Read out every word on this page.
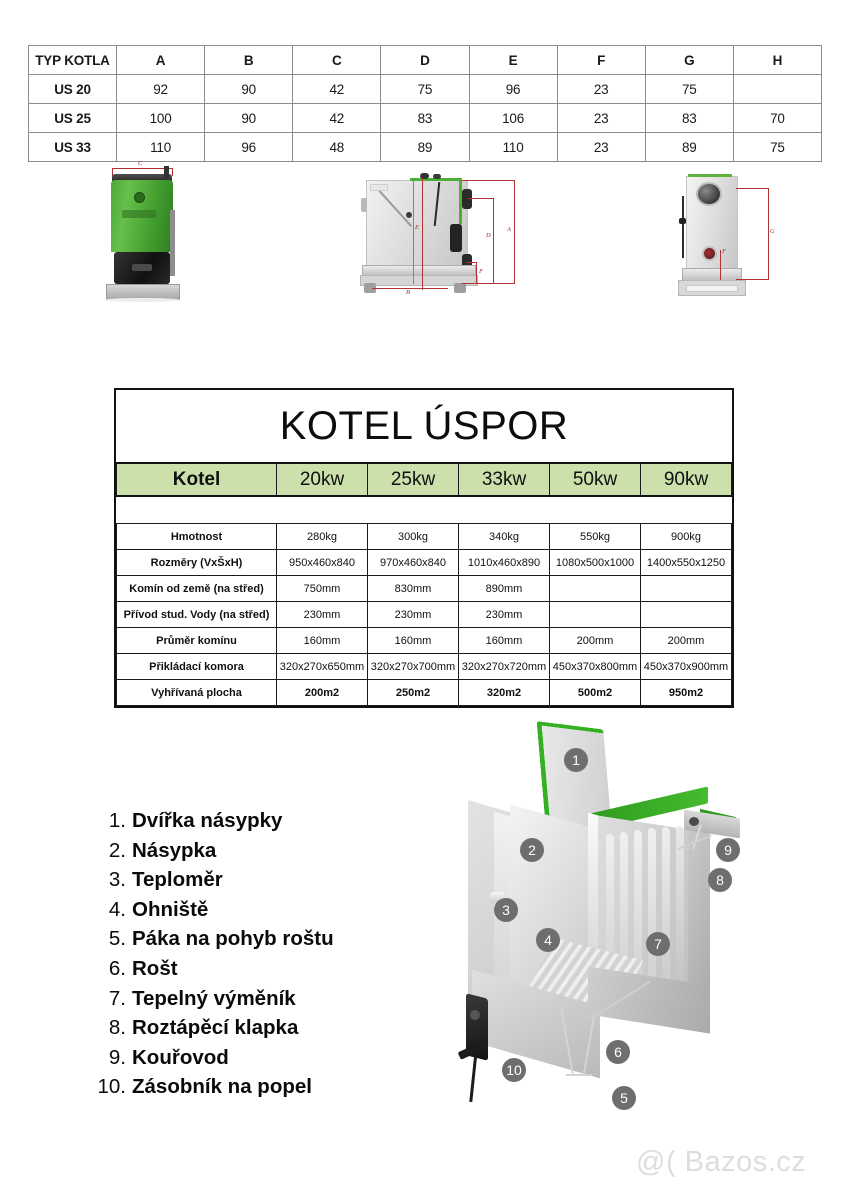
TYP KOTLA	A	B	C	D	E	F	G	H
US 20	92	90	42	75	96	23	75	
US 25	100	90	42	83	106	23	83	70
US 33	110	96	48	89	110	23	89	75
C
E
B
A
D
F
G
F
KOTEL ÚSPOR
Kotel	20kw	25kw	33kw	50kw	90kw

Hmotnost	280kg	300kg	340kg	550kg	900kg
Rozměry (VxŠxH)	950x460x840	970x460x840	1010x460x890	1080x500x1000	1400x550x1250
Komín od země (na střed)	750mm	830mm	890mm		
Přívod stud. Vody (na střed)	230mm	230mm	230mm		
Průměr komínu	160mm	160mm	160mm	200mm	200mm
Přikládací komora	320x270x650mm	320x270x700mm	320x270x720mm	450x370x800mm	450x370x900mm
Vyhřívaná plocha	200m2	250m2	320m2	500m2	950m2
1. Dvířka násypky
2. Násypka
3. Teploměr
4. Ohniště
5. Páka na pohyb roštu
6. Rošt
7. Tepelný výměník
8. Roztápěcí klapka
9. Kouřovod
10. Zásobník na popel
1
2
3
4
5
6
7
8
9
10
@( Bazos.cz
